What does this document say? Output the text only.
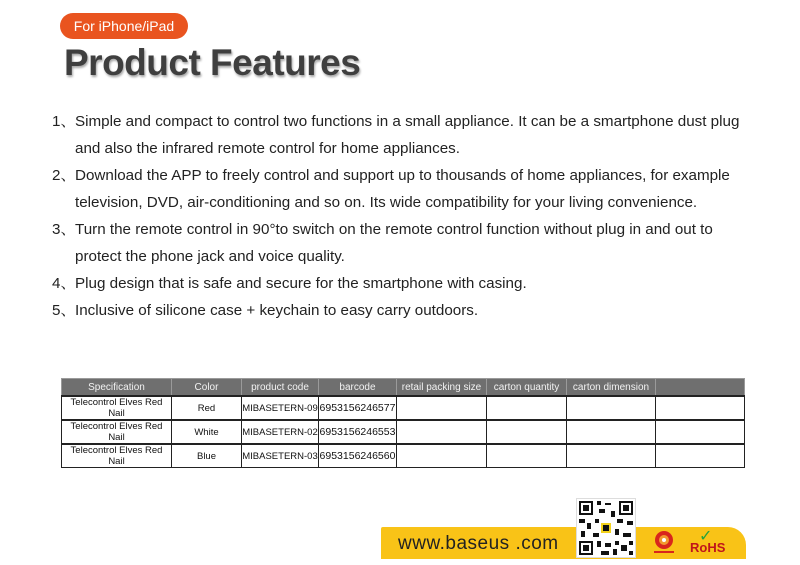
For iPhone/iPad
Product Features
1、 Simple and compact to control two functions in a small appliance. It can be a smartphone dust plug and also the infrared remote control for home appliances.
2、 Download the APP to freely control and support up to thousands of home appliances, for example television, DVD, air-conditioning and so on. Its wide compatibility for your living convenience.
3、 Turn the remote control in 90°to switch on the remote control function without plug in and out to protect the phone jack and voice quality.
4、 Plug design that is safe and secure for the smartphone with casing.
5、 Inclusive of silicone case + keychain to easy carry outdoors.
Specification	Color	product code	barcode	retail packing size	carton quantity	carton dimension	
Telecontrol Elves Red Nail	Red	MIBASETERN-09	6953156246577				
Telecontrol Elves Red Nail	White	MIBASETERN-02	6953156246553				
Telecontrol Elves Red Nail	Blue	MIBASETERN-03	6953156246560				
www.baseus .com	✓
RoHS
